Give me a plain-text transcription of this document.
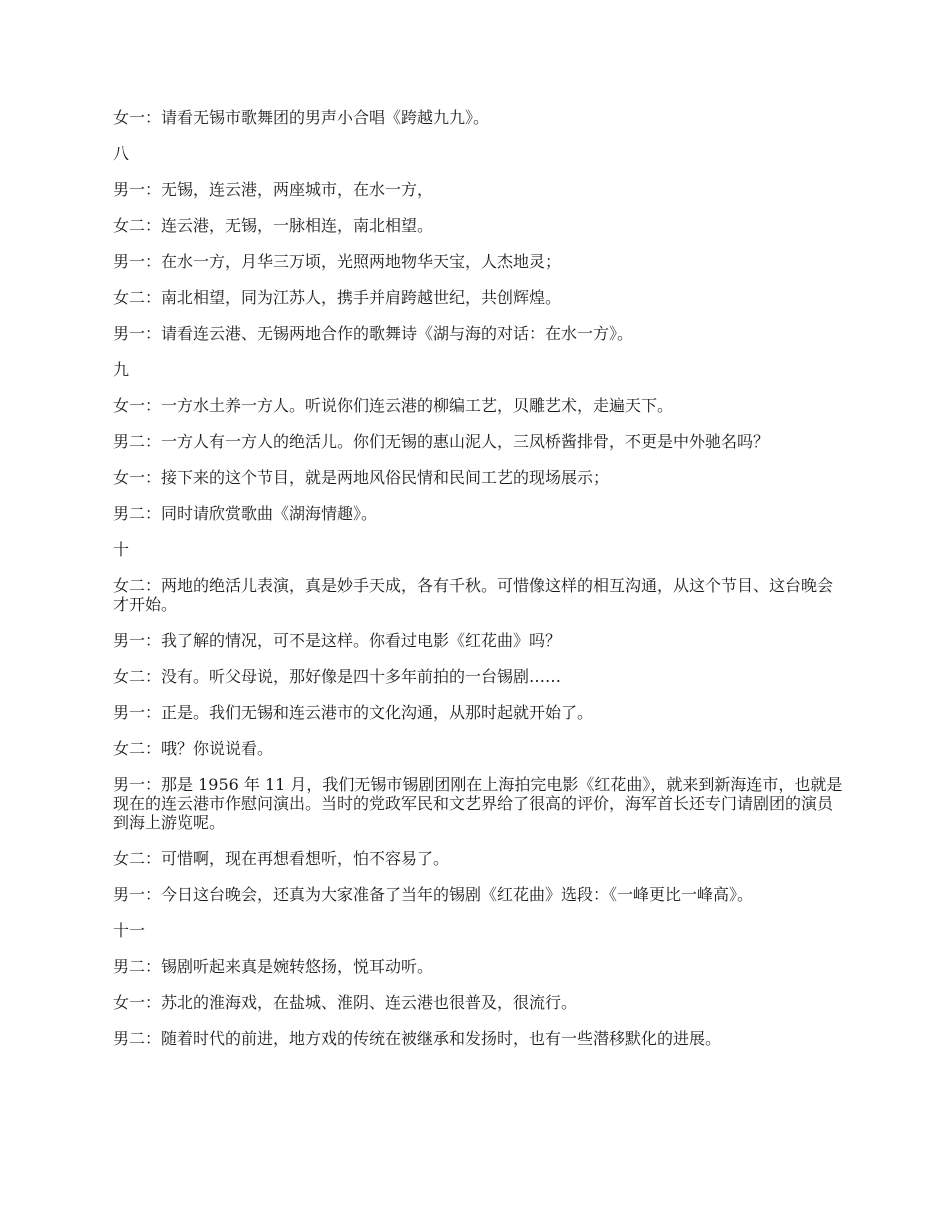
女一：请看无锡市歌舞团的男声小合唱《跨越九九》。

八

男一：无锡，连云港，两座城市，在水一方，

女二：连云港，无锡，一脉相连，南北相望。

男一：在水一方，月华三万顷，光照两地物华天宝，人杰地灵；

女二：南北相望，同为江苏人，携手并肩跨越世纪，共创辉煌。

男一：请看连云港、无锡两地合作的歌舞诗《湖与海的对话：在水一方》。

九

女一：一方水土养一方人。听说你们连云港的柳编工艺，贝雕艺术，走遍天下。

男二：一方人有一方人的绝活儿。你们无锡的惠山泥人，三凤桥酱排骨，不更是中外驰名吗？

女一：接下来的这个节目，就是两地风俗民情和民间工艺的现场展示；

男二：同时请欣赏歌曲《湖海情趣》。

十

女二：两地的绝活儿表演，真是妙手天成，各有千秋。可惜像这样的相互沟通，从这个节目、这台晚会才开始。

男一：我了解的情况，可不是这样。你看过电影《红花曲》吗？

女二：没有。听父母说，那好像是四十多年前拍的一台锡剧……

男一：正是。我们无锡和连云港市的文化沟通，从那时起就开始了。

女二：哦？你说说看。

男一：那是 1956 年 11 月，我们无锡市锡剧团刚在上海拍完电影《红花曲》，就来到新海连市，也就是现在的连云港市作慰问演出。当时的党政军民和文艺界给了很高的评价，海军首长还专门请剧团的演员到海上游览呢。

女二：可惜啊，现在再想看想听，怕不容易了。

男一：今日这台晚会，还真为大家准备了当年的锡剧《红花曲》选段：《一峰更比一峰高》。

十一

男二：锡剧听起来真是婉转悠扬，悦耳动听。

女一：苏北的淮海戏，在盐城、淮阴、连云港也很普及，很流行。

男二：随着时代的前进，地方戏的传统在被继承和发扬时，也有一些潜移默化的进展。
